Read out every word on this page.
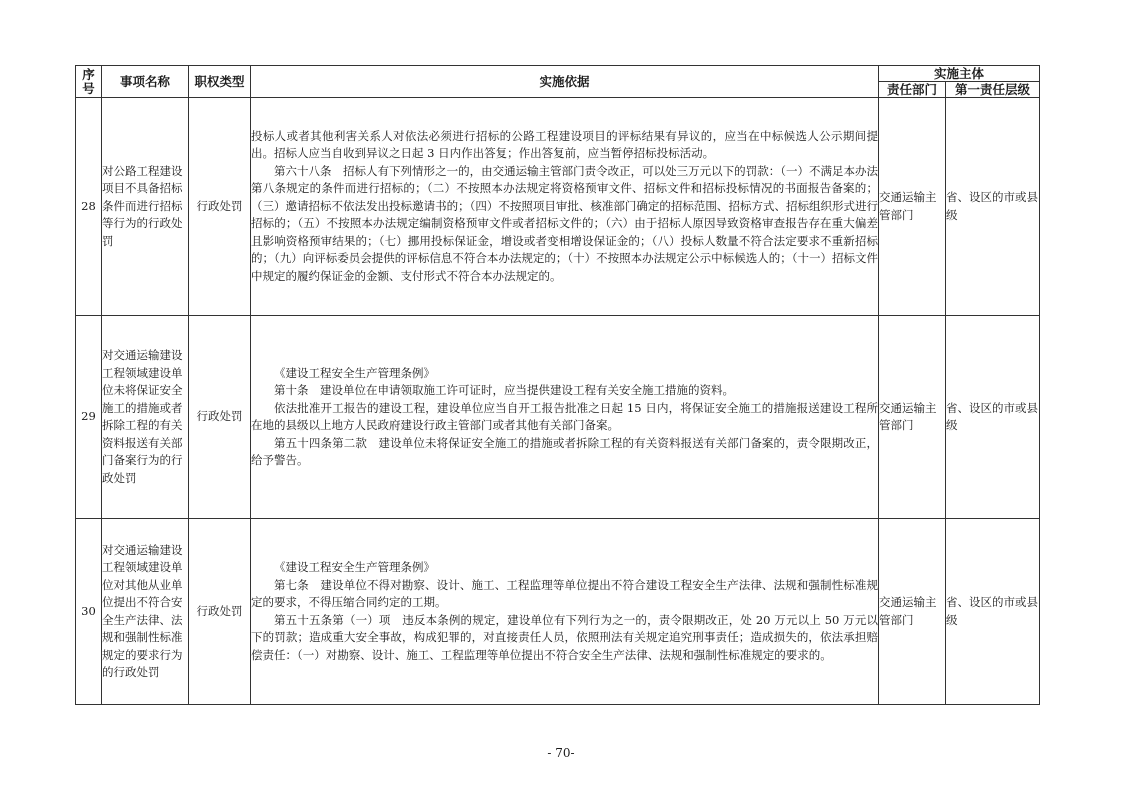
序
号	事项名称	职权类型	实施依据	实施主体	
				责任部门	第一责任层级
28	对公路工程建设项目不具备招标条件而进行招标等行为的行政处罚	行政处罚	投标人或者其他利害关系人对依法必须进行招标的公路工程建设项目的评标结果有异议的，应当在中标候选人公示期间提出。招标人应当自收到异议之日起 3 日内作出答复；作出答复前，应当暂停招标投标活动。

第六十八条　招标人有下列情形之一的，由交通运输主管部门责令改正，可以处三万元以下的罚款：（一）不满足本办法第八条规定的条件而进行招标的；（二）不按照本办法规定将资格预审文件、招标文件和招标投标情况的书面报告备案的；（三）邀请招标不依法发出投标邀请书的；（四）不按照项目审批、核准部门确定的招标范围、招标方式、招标组织形式进行招标的；（五）不按照本办法规定编制资格预审文件或者招标文件的；（六）由于招标人原因导致资格审查报告存在重大偏差且影响资格预审结果的；（七）挪用投标保证金，增设或者变相增设保证金的；（八）投标人数量不符合法定要求不重新招标的；（九）向评标委员会提供的评标信息不符合本办法规定的；（十）不按照本办法规定公示中标候选人的；（十一）招标文件中规定的履约保证金的金额、支付形式不符合本办法规定的。	交通运输主管部门	省、设区的市或县级
29	对交通运输建设工程领域建设单位未将保证安全施工的措施或者拆除工程的有关资料报送有关部门备案行为的行政处罚	行政处罚	《建设工程安全生产管理条例》

第十条　建设单位在申请领取施工许可证时，应当提供建设工程有关安全施工措施的资料。

依法批准开工报告的建设工程，建设单位应当自开工报告批准之日起 15 日内，将保证安全施工的措施报送建设工程所在地的县级以上地方人民政府建设行政主管部门或者其他有关部门备案。

第五十四条第二款　建设单位未将保证安全施工的措施或者拆除工程的有关资料报送有关部门备案的，责令限期改正，给予警告。	交通运输主管部门	省、设区的市或县级
30	对交通运输建设工程领域建设单位对其他从业单位提出不符合安全生产法律、法规和强制性标准规定的要求行为的行政处罚	行政处罚	《建设工程安全生产管理条例》

第七条　建设单位不得对勘察、设计、施工、工程监理等单位提出不符合建设工程安全生产法律、法规和强制性标准规定的要求，不得压缩合同约定的工期。

第五十五条第（一）项　违反本条例的规定，建设单位有下列行为之一的，责令限期改正，处 20 万元以上 50 万元以下的罚款；造成重大安全事故，构成犯罪的，对直接责任人员，依照刑法有关规定追究刑事责任；造成损失的，依法承担赔偿责任：（一）对勘察、设计、施工、工程监理等单位提出不符合安全生产法律、法规和强制性标准规定的要求的。	交通运输主管部门	省、设区的市或县级
- 70-
